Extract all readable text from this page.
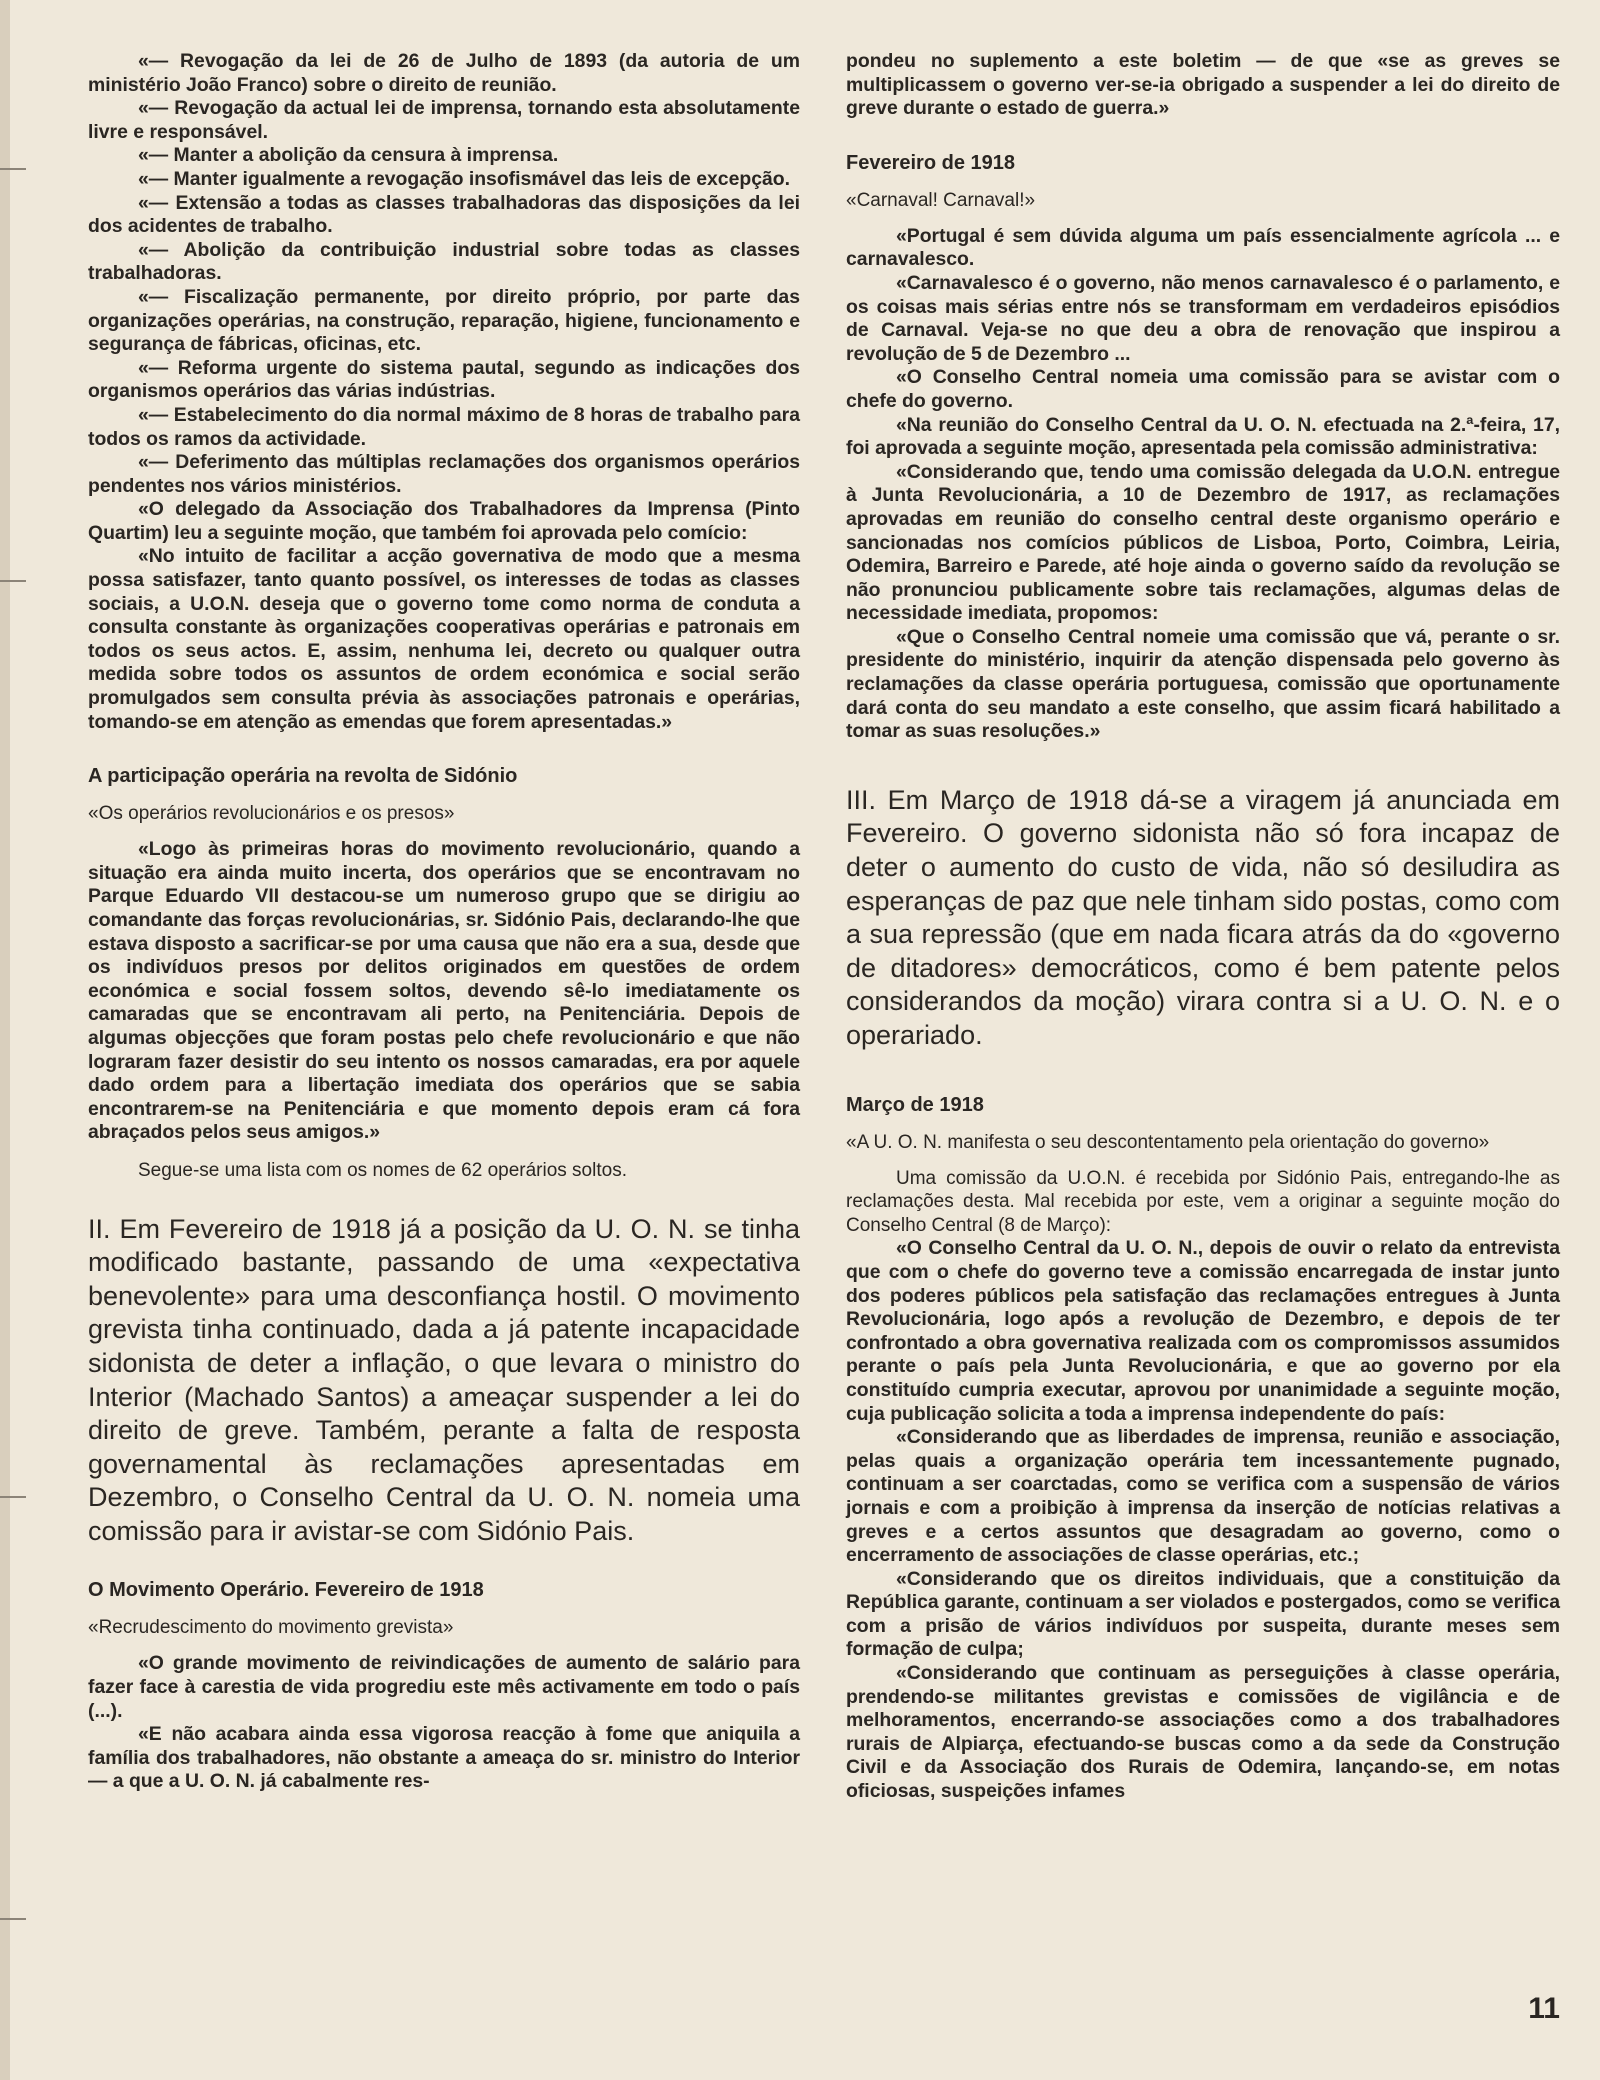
«— Revogação da lei de 26 de Julho de 1893 (da autoria de um ministério João Franco) sobre o direito de reunião.

«— Revogação da actual lei de imprensa, tornando esta absolutamente livre e responsável.

«— Manter a abolição da censura à imprensa.

«— Manter igualmente a revogação insofismável das leis de excepção.

«— Extensão a todas as classes trabalhadoras das disposições da lei dos acidentes de trabalho.

«— Abolição da contribuição industrial sobre todas as classes trabalhadoras.

«— Fiscalização permanente, por direito próprio, por parte das organizações operárias, na construção, reparação, higiene, funcionamento e segurança de fábricas, oficinas, etc.

«— Reforma urgente do sistema pautal, segundo as indicações dos organismos operários das várias indústrias.

«— Estabelecimento do dia normal máximo de 8 horas de trabalho para todos os ramos da actividade.

«— Deferimento das múltiplas reclamações dos organismos operários pendentes nos vários ministérios.

«O delegado da Associação dos Trabalhadores da Imprensa (Pinto Quartim) leu a seguinte moção, que também foi aprovada pelo comício:

«No intuito de facilitar a acção governativa de modo que a mesma possa satisfazer, tanto quanto possível, os interesses de todas as classes sociais, a U.O.N. deseja que o governo tome como norma de conduta a consulta constante às organizações cooperativas operárias e patronais em todos os seus actos. E, assim, nenhuma lei, decreto ou qualquer outra medida sobre todos os assuntos de ordem económica e social serão promulgados sem consulta prévia às associações patronais e operárias, tomando-se em atenção as emendas que forem apresentadas.»

A participação operária na revolta de Sidónio

«Os operários revolucionários e os presos»

«Logo às primeiras horas do movimento revolucionário, quando a situação era ainda muito incerta, dos operários que se encontravam no Parque Eduardo VII destacou-se um numeroso grupo que se dirigiu ao comandante das forças revolucionárias, sr. Sidónio Pais, declarando-lhe que estava disposto a sacrificar-se por uma causa que não era a sua, desde que os indivíduos presos por delitos originados em questões de ordem económica e social fossem soltos, devendo sê-lo imediatamente os camaradas que se encontravam ali perto, na Penitenciária. Depois de algumas objecções que foram postas pelo chefe revolucionário e que não lograram fazer desistir do seu intento os nossos camaradas, era por aquele dado ordem para a libertação imediata dos operários que se sabia encontrarem-se na Penitenciária e que momento depois eram cá fora abraçados pelos seus amigos.»

Segue-se uma lista com os nomes de 62 operários soltos.

II. Em Fevereiro de 1918 já a posição da U. O. N. se tinha modificado bastante, passando de uma «expectativa benevolente» para uma desconfiança hostil. O movimento grevista tinha continuado, dada a já patente incapacidade sidonista de deter a inflação, o que levara o ministro do Interior (Machado Santos) a ameaçar suspender a lei do direito de greve. Também, perante a falta de resposta governamental às reclamações apresentadas em Dezembro, o Conselho Central da U. O. N. nomeia uma comissão para ir avistar-se com Sidónio Pais.

O Movimento Operário. Fevereiro de 1918

«Recrudescimento do movimento grevista»

«O grande movimento de reivindicações de aumento de salário para fazer face à carestia de vida progrediu este mês activamente em todo o país (...).

«E não acabara ainda essa vigorosa reacção à fome que aniquila a família dos trabalhadores, não obstante a ameaça do sr. ministro do Interior — a que a U. O. N. já cabalmente res-

pondeu no suplemento a este boletim — de que «se as greves se multiplicassem o governo ver-se-ia obrigado a suspender a lei do direito de greve durante o estado de guerra.»

Fevereiro de 1918

«Carnaval! Carnaval!»

«Portugal é sem dúvida alguma um país essencialmente agrícola ... e carnavalesco.

«Carnavalesco é o governo, não menos carnavalesco é o parlamento, e os coisas mais sérias entre nós se transformam em verdadeiros episódios de Carnaval. Veja-se no que deu a obra de renovação que inspirou a revolução de 5 de Dezembro ...

«O Conselho Central nomeia uma comissão para se avistar com o chefe do governo.

«Na reunião do Conselho Central da U. O. N. efectuada na 2.ª-feira, 17, foi aprovada a seguinte moção, apresentada pela comissão administrativa:

«Considerando que, tendo uma comissão delegada da U.O.N. entregue à Junta Revolucionária, a 10 de Dezembro de 1917, as reclamações aprovadas em reunião do conselho central deste organismo operário e sancionadas nos comícios públicos de Lisboa, Porto, Coimbra, Leiria, Odemira, Barreiro e Parede, até hoje ainda o governo saído da revolução se não pronunciou publicamente sobre tais reclamações, algumas delas de necessidade imediata, propomos:

«Que o Conselho Central nomeie uma comissão que vá, perante o sr. presidente do ministério, inquirir da atenção dispensada pelo governo às reclamações da classe operária portuguesa, comissão que oportunamente dará conta do seu mandato a este conselho, que assim ficará habilitado a tomar as suas resoluções.»

III. Em Março de 1918 dá-se a viragem já anunciada em Fevereiro. O governo sidonista não só fora incapaz de deter o aumento do custo de vida, não só desiludira as esperanças de paz que nele tinham sido postas, como com a sua repressão (que em nada ficara atrás da do «governo de ditadores» democráticos, como é bem patente pelos considerandos da moção) virara contra si a U. O. N. e o operariado.

Março de 1918

«A U. O. N. manifesta o seu descontentamento pela orientação do governo»

Uma comissão da U.O.N. é recebida por Sidónio Pais, entregando-lhe as reclamações desta. Mal recebida por este, vem a originar a seguinte moção do Conselho Central (8 de Março):

«O Conselho Central da U. O. N., depois de ouvir o relato da entrevista que com o chefe do governo teve a comissão encarregada de instar junto dos poderes públicos pela satisfação das reclamações entregues à Junta Revolucionária, logo após a revolução de Dezembro, e depois de ter confrontado a obra governativa realizada com os compromissos assumidos perante o país pela Junta Revolucionária, e que ao governo por ela constituído cumpria executar, aprovou por unanimidade a seguinte moção, cuja publicação solicita a toda a imprensa independente do país:

«Considerando que as liberdades de imprensa, reunião e associação, pelas quais a organização operária tem incessantemente pugnado, continuam a ser coarctadas, como se verifica com a suspensão de vários jornais e com a proibição à imprensa da inserção de notícias relativas a greves e a certos assuntos que desagradam ao governo, como o encerramento de associações de classe operárias, etc.;

«Considerando que os direitos individuais, que a constituição da República garante, continuam a ser violados e postergados, como se verifica com a prisão de vários indivíduos por suspeita, durante meses sem formação de culpa;

«Considerando que continuam as perseguições à classe operária, prendendo-se militantes grevistas e comissões de vigilância e de melhoramentos, encerrando-se associações como a dos trabalhadores rurais de Alpiarça, efectuando-se buscas como a da sede da Construção Civil e da Associação dos Rurais de Odemira, lançando-se, em notas oficiosas, suspeições infames

11
